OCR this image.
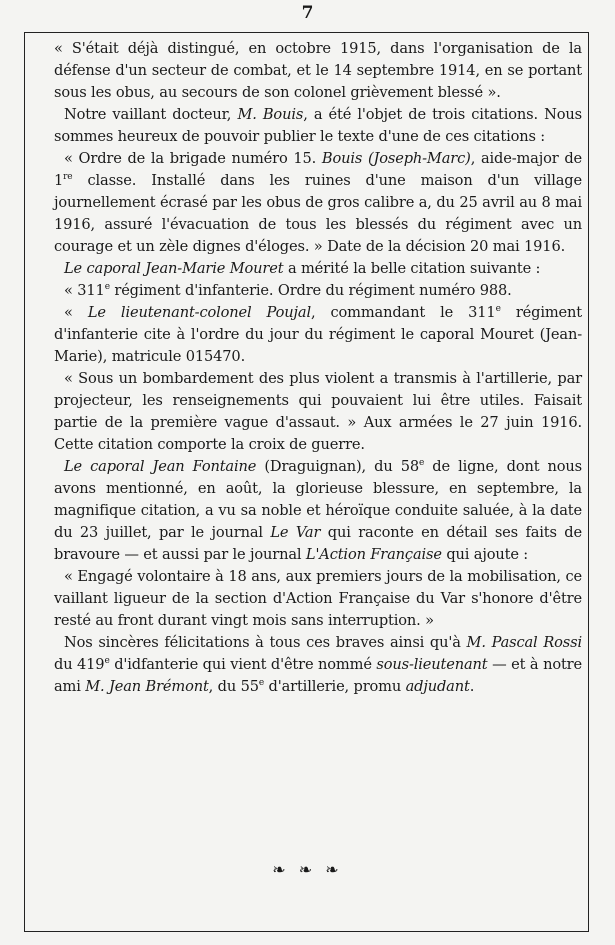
7

« S'était déjà distingué, en octobre 1915, dans l'organisation de la défense d'un secteur de combat, et le 14 septembre 1914, en se portant sous les obus, au secours de son colonel grièvement blessé ».

Notre vaillant docteur, M. Bouis, a été l'objet de trois citations. Nous sommes heureux de pouvoir publier le texte d'une de ces citations :

« Ordre de la brigade numéro 15. Bouis (Joseph-Marc), aide-major de 1re classe. Installé dans les ruines d'une maison d'un village journellement écrasé par les obus de gros calibre a, du 25 avril au 8 mai 1916, assuré l'évacuation de tous les blessés du régiment avec un courage et un zèle dignes d'éloges. » Date de la décision 20 mai 1916.

Le caporal Jean-Marie Mouret a mérité la belle citation suivante :

« 311e régiment d'infanterie. Ordre du régiment numéro 988.

« Le lieutenant-colonel Poujal, commandant le 311e régiment d'infanterie cite à l'ordre du jour du régiment le caporal Mouret (Jean-Marie), matricule 015470.

« Sous un bombardement des plus violent a transmis à l'artillerie, par projecteur, les renseignements qui pouvaient lui être utiles. Faisait partie de la première vague d'assaut. » Aux armées le 27 juin 1916. Cette citation comporte la croix de guerre.

Le caporal Jean Fontaine (Draguignan), du 58e de ligne, dont nous avons mentionné, en août, la glorieuse blessure, en septembre, la magnifique citation, a vu sa noble et héroïque conduite saluée, à la date du 23 juillet, par le journal Le Var qui raconte en détail ses faits de bravoure — et aussi par le journal L'Action Française qui ajoute :

« Engagé volontaire à 18 ans, aux premiers jours de la mobilisation, ce vaillant ligueur de la section d'Action Française du Var s'honore d'être resté au front durant vingt mois sans interruption. »

Nos sincères félicitations à tous ces braves ainsi qu'à M. Pascal Rossi du 419e d'idfanterie qui vient d'être nommé sous-lieutenant — et à notre ami M. Jean Brémont, du 55e d'artillerie, promu adjudant.

❧ ❧ ❧
